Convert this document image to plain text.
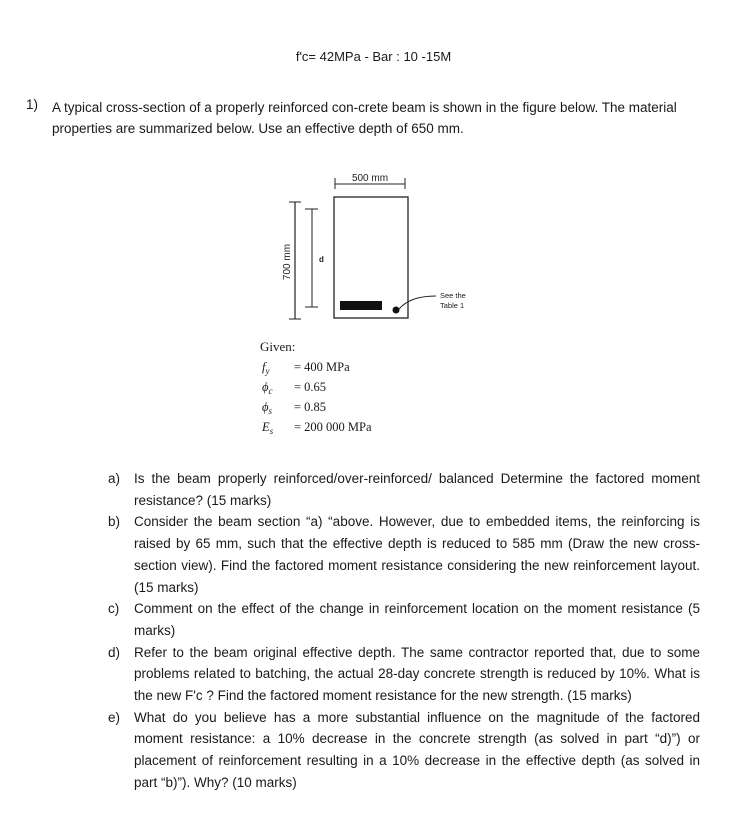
f'c= 42MPa - Bar : 10 -15M
1) A typical cross-section of a properly reinforced con-crete beam is shown in the figure below. The material properties are summarized below. Use an effective depth of 650 mm.
500 mm
700 mm	d
See the
Table 1
Given:
$f_y = 400$ MPa
$\phi_c = 0.65$
$\phi_s = 0.85$
$E_s = 200$ 000 MPa
a) Is the beam properly reinforced/over-reinforced/ balanced Determine the factored moment resistance? (15 marks)
b) Consider the beam section “a) “above. However, due to embedded items, the reinforcing is raised by 65 mm, such that the effective depth is reduced to 585 mm (Draw the new cross-section view). Find the factored moment resistance considering the new reinforcement layout. (15 marks)
c) Comment on the effect of the change in reinforcement location on the moment resistance (5 marks)
d) Refer to the beam original effective depth. The same contractor reported that, due to some problems related to batching, the actual 28-day concrete strength is reduced by 10%. What is the new F'c ? Find the factored moment resistance for the new strength. (15 marks)
e) What do you believe has a more substantial influence on the magnitude of the factored moment resistance: a 10% decrease in the concrete strength (as solved in part “d)”) or placement of reinforcement resulting in a 10% decrease in the effective depth (as solved in part “b)”). Why? (10 marks)
